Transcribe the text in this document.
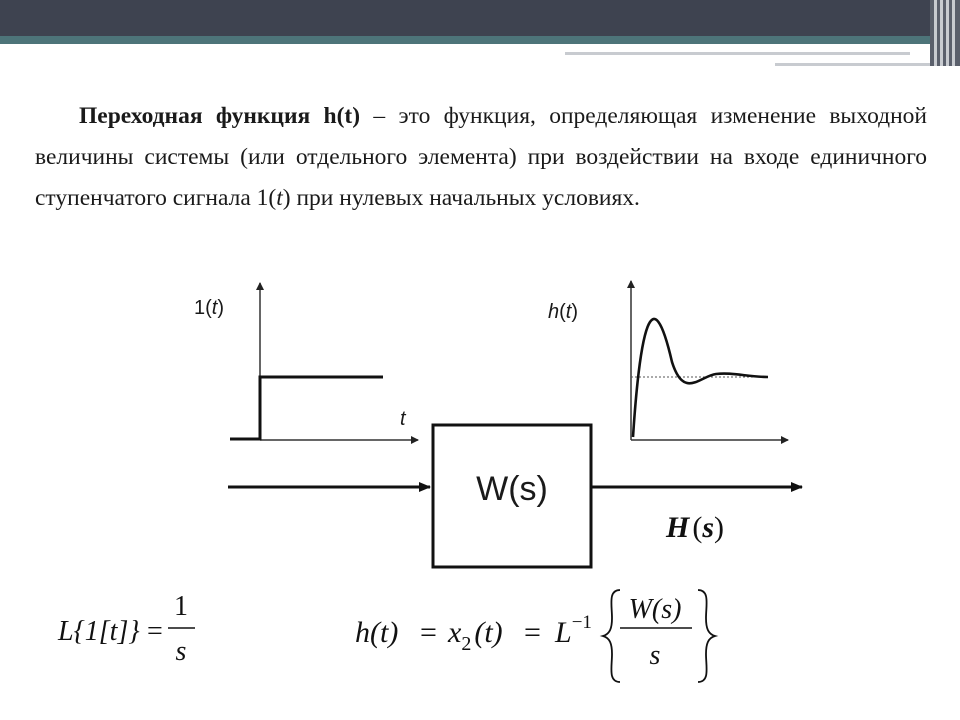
Переходная функция h(t) – это функция, определяющая изменение выходной величины системы (или отдельного элемента) при воздействии на входе единичного ступенчатого сигнала 1(t) при нулевых начальных условиях.

1(t)
t
h(t)
W(s)
H (s)
L{1[t]} =
1
s
$h(t) = x_2$ $(t) = L^{-1}$ W(s)
s
